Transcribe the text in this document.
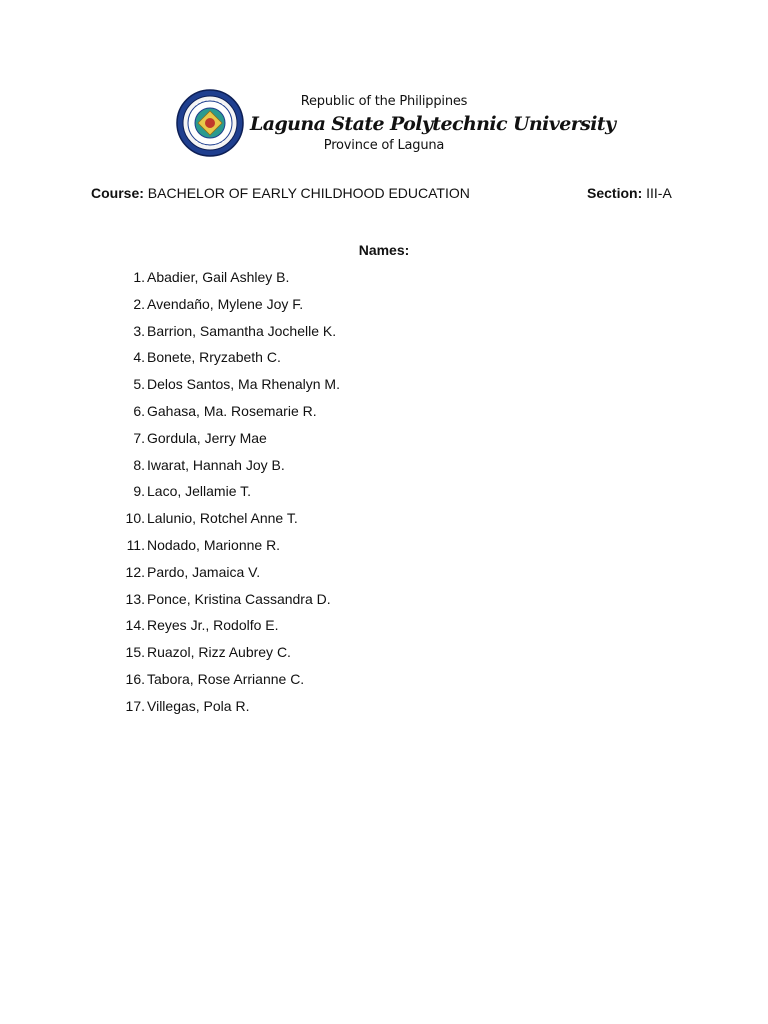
Republic of the Philippines
Laguna State Polytechnic University
Province of Laguna
Course: BACHELOR OF EARLY CHILDHOOD EDUCATION	Section: III-A
Names:
1. Abadier, Gail Ashley B.
2. Avendaño, Mylene Joy F.
3. Barrion, Samantha Jochelle K.
4. Bonete, Rryzabeth C.
5. Delos Santos, Ma Rhenalyn M.
6. Gahasa, Ma. Rosemarie R.
7. Gordula, Jerry Mae
8. Iwarat, Hannah Joy B.
9. Laco, Jellamie T.
10. Lalunio, Rotchel Anne T.
11. Nodado, Marionne R.
12. Pardo, Jamaica V.
13. Ponce, Kristina Cassandra D.
14. Reyes Jr., Rodolfo E.
15. Ruazol, Rizz Aubrey C.
16. Tabora, Rose Arrianne C.
17. Villegas, Pola R.
